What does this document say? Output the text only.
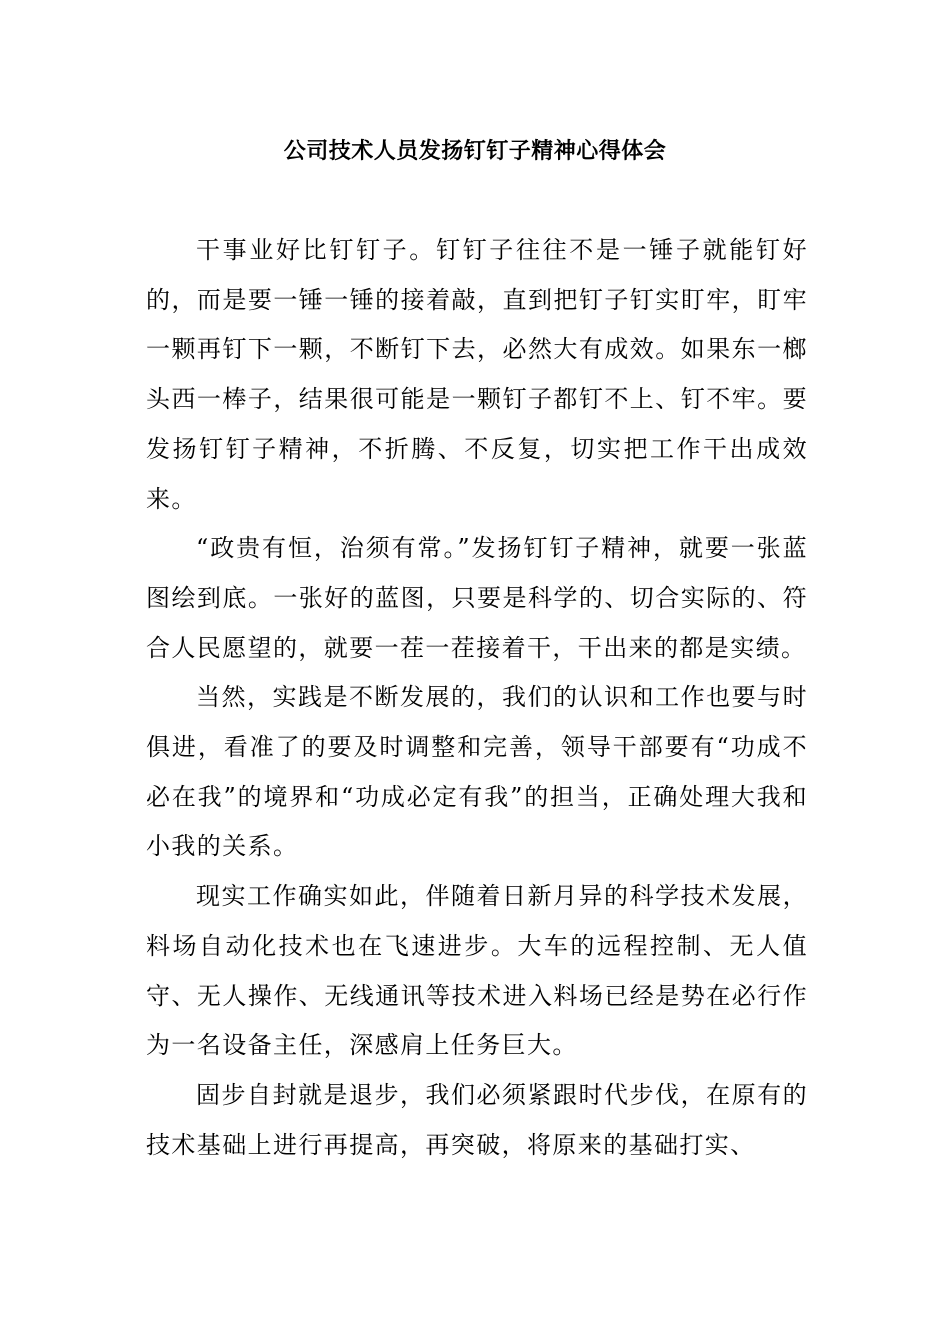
公司技术人员发扬钉钉子精神心得体会

干事业好比钉钉子。钉钉子往往不是一锤子就能钉好的，而是要一锤一锤的接着敲，直到把钉子钉实盯牢，盯牢一颗再钉下一颗，不断钉下去，必然大有成效。如果东一榔头西一棒子，结果很可能是一颗钉子都钉不上、钉不牢。要发扬钉钉子精神，不折腾、不反复，切实把工作干出成效来。

“政贵有恒，治须有常。”发扬钉钉子精神，就要一张蓝图绘到底。一张好的蓝图，只要是科学的、切合实际的、符合人民愿望的，就要一茬一茬接着干，干出来的都是实绩。

当然，实践是不断发展的，我们的认识和工作也要与时俱进，看准了的要及时调整和完善，领导干部要有“功成不必在我”的境界和“功成必定有我”的担当，正确处理大我和小我的关系。

现实工作确实如此，伴随着日新月异的科学技术发展，料场自动化技术也在飞速进步。大车的远程控制、无人值守、无人操作、无线通讯等技术进入料场已经是势在必行作为一名设备主任，深感肩上任务巨大。

固步自封就是退步，我们必须紧跟时代步伐，在原有的技术基础上进行再提高，再突破，将原来的基础打实、
